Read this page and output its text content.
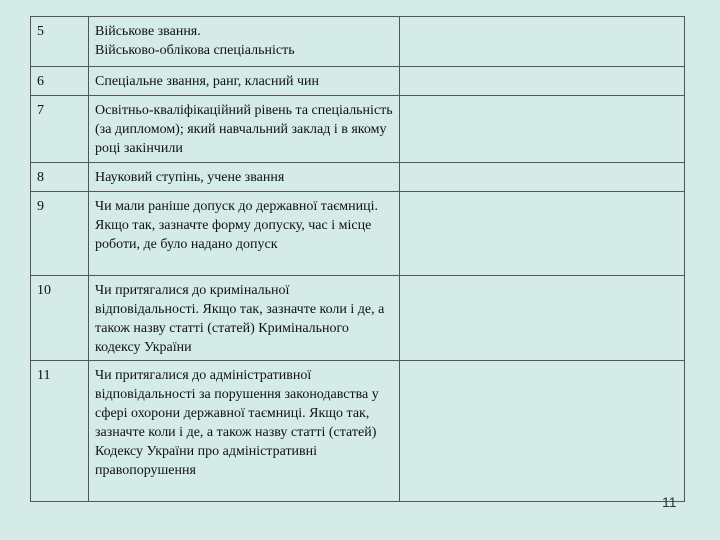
5	Військове звання.
Військово-облікова спеціальність	
6	Спеціальне звання, ранг, класний чин	
7	Освітньо-кваліфікаційний рівень та спеціальність (за дипломом); який навчальний заклад і в якому році закінчили	
8	Науковий ступінь, учене звання	
9	Чи мали раніше допуск до державної таємниці. Якщо так, зазначте форму допуску, час і місце роботи, де було надано допуск	
10	Чи притягалися до кримінальної відповідальності. Якщо так, зазначте коли і де, а також назву статті (статей) Кримінального кодексу України	
11	Чи притягалися до адміністративної відповідальності за порушення законодавства у сфері охорони державної таємниці. Якщо так, зазначте коли і де, а також назву статті (статей) Кодексу України про адміністративні правопорушення	
11
